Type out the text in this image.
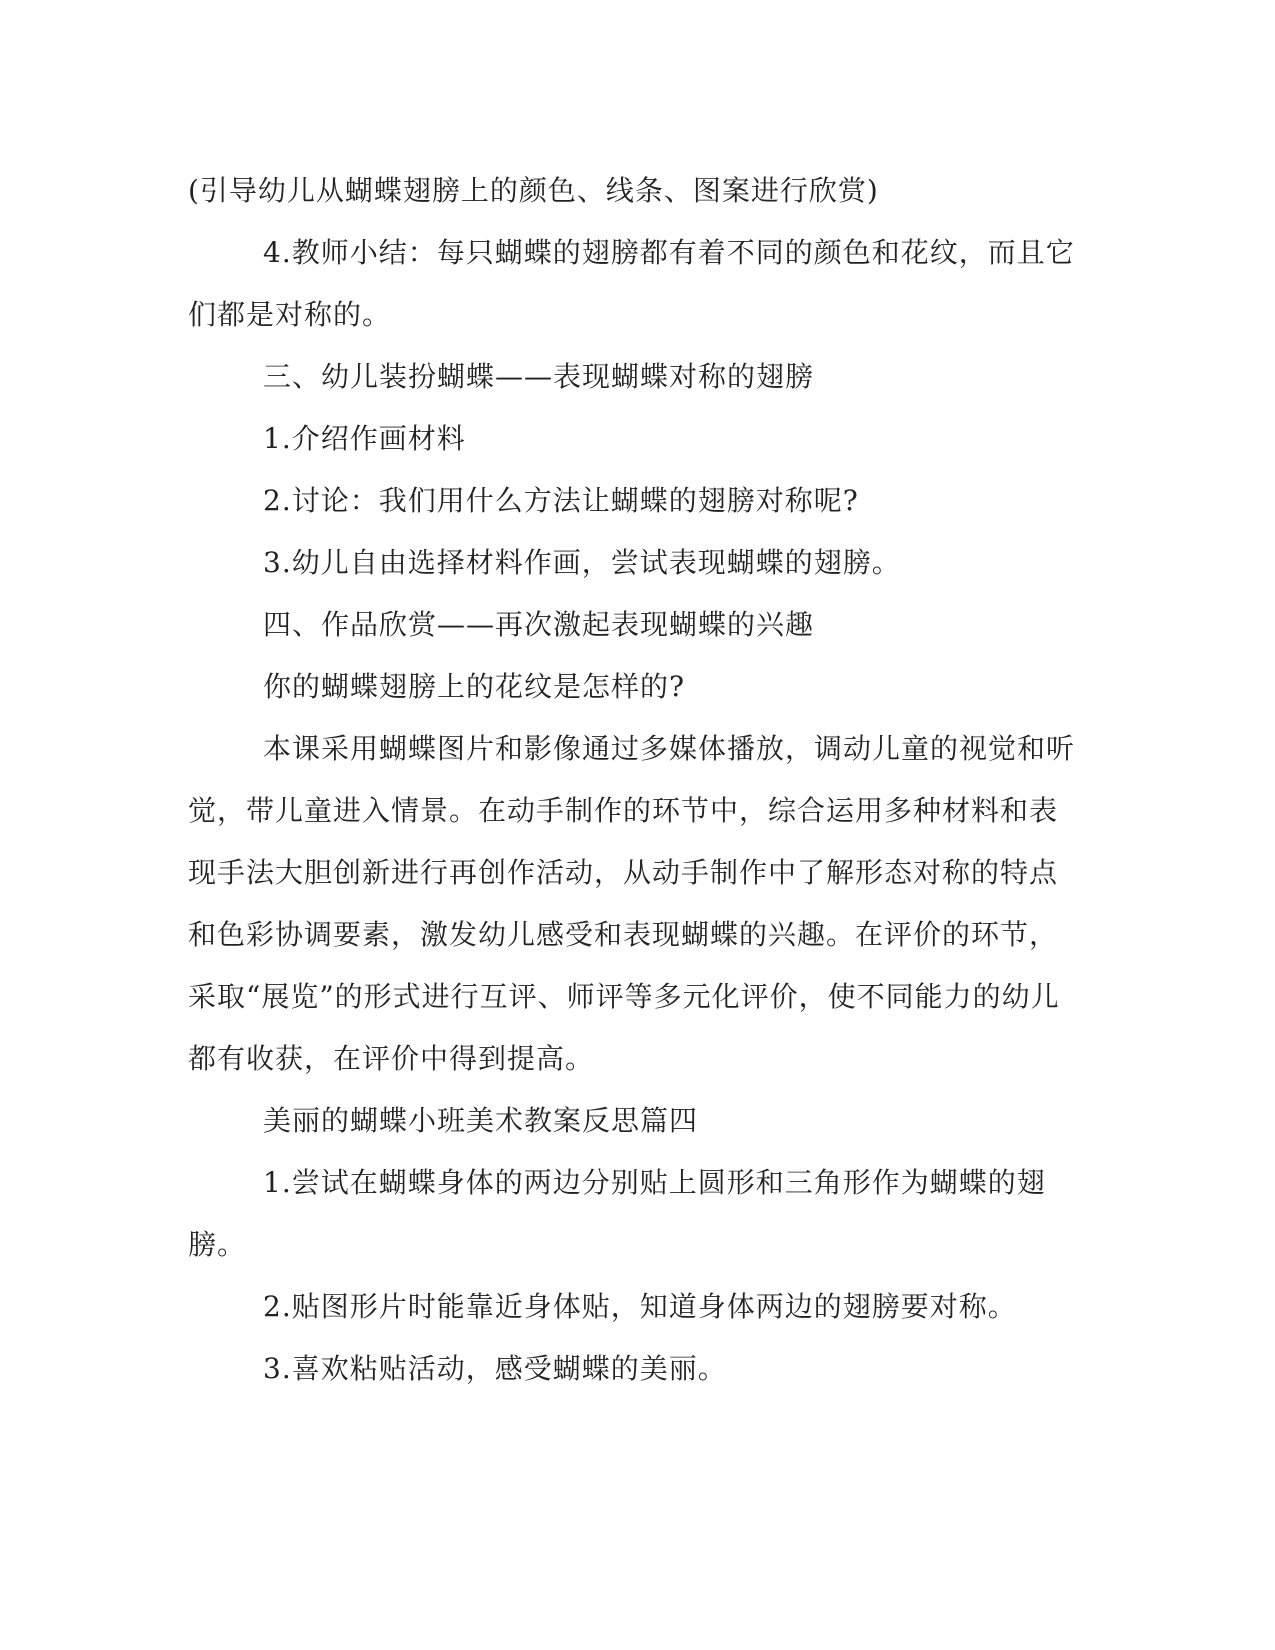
(引导幼儿从蝴蝶翅膀上的颜色、线条、图案进行欣赏)

4.教师小结：每只蝴蝶的翅膀都有着不同的颜色和花纹，而且它们都是对称的。

三、幼儿装扮蝴蝶——表现蝴蝶对称的翅膀

1.介绍作画材料

2.讨论：我们用什么方法让蝴蝶的翅膀对称呢?

3.幼儿自由选择材料作画，尝试表现蝴蝶的翅膀。

四、作品欣赏——再次激起表现蝴蝶的兴趣

你的蝴蝶翅膀上的花纹是怎样的?

本课采用蝴蝶图片和影像通过多媒体播放，调动儿童的视觉和听觉，带儿童进入情景。在动手制作的环节中，综合运用多种材料和表现手法大胆创新进行再创作活动，从动手制作中了解形态对称的特点和色彩协调要素，激发幼儿感受和表现蝴蝶的兴趣。在评价的环节，采取“展览”的形式进行互评、师评等多元化评价，使不同能力的幼儿都有收获，在评价中得到提高。

美丽的蝴蝶小班美术教案反思篇四

1.尝试在蝴蝶身体的两边分别贴上圆形和三角形作为蝴蝶的翅膀。

2.贴图形片时能靠近身体贴，知道身体两边的翅膀要对称。

3.喜欢粘贴活动，感受蝴蝶的美丽。
